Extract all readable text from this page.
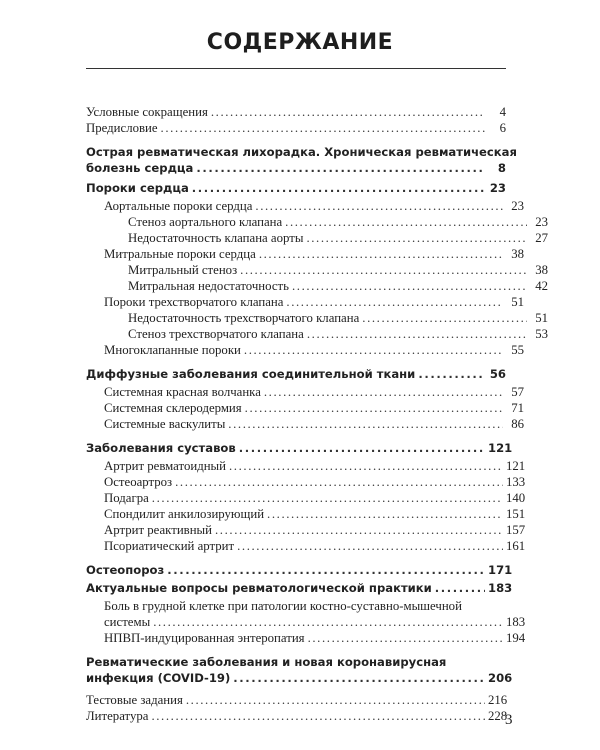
СОДЕРЖАНИЕ
Условные сокращения .....	4
Предисловие .....	6
Острая ревматическая лихорадка. Хроническая ревматическая
болезнь сердца .....	8
Пороки сердца .....	23
Аортальные пороки сердца .....	23
Стеноз аортального клапана .....	23
Недостаточность клапана аорты .....	27
Митральные пороки сердца .....	38
Митральный стеноз .....	38
Митральная недостаточность .....	42
Пороки трехстворчатого клапана .....	51
Недостаточность трехстворчатого клапана .....	51
Стеноз трехстворчатого клапана .....	53
Многоклапанные пороки .....	55
Диффузные заболевания соединительной ткани .....	56
Системная красная волчанка .....	57
Системная склеродермия .....	71
Системные васкулиты .....	86
Заболевания суставов .....	121
Артрит ревматоидный .....	121
Остеоартроз .....	133
Подагра .....	140
Спондилит анкилозирующий .....	151
Артрит реактивный .....	157
Псориатический артрит .....	161
Остеопороз .....	171
Актуальные вопросы ревматологической практики .....	183
Боль в грудной клетке при патологии костно-суставно-мышечной
системы .....	183
НПВП-индуцированная энтеропатия .....	194
Ревматические заболевания и новая коронавирусная
инфекция (COVID-19) .....	206
Тестовые задания .....	216
Литература .....	228
3
